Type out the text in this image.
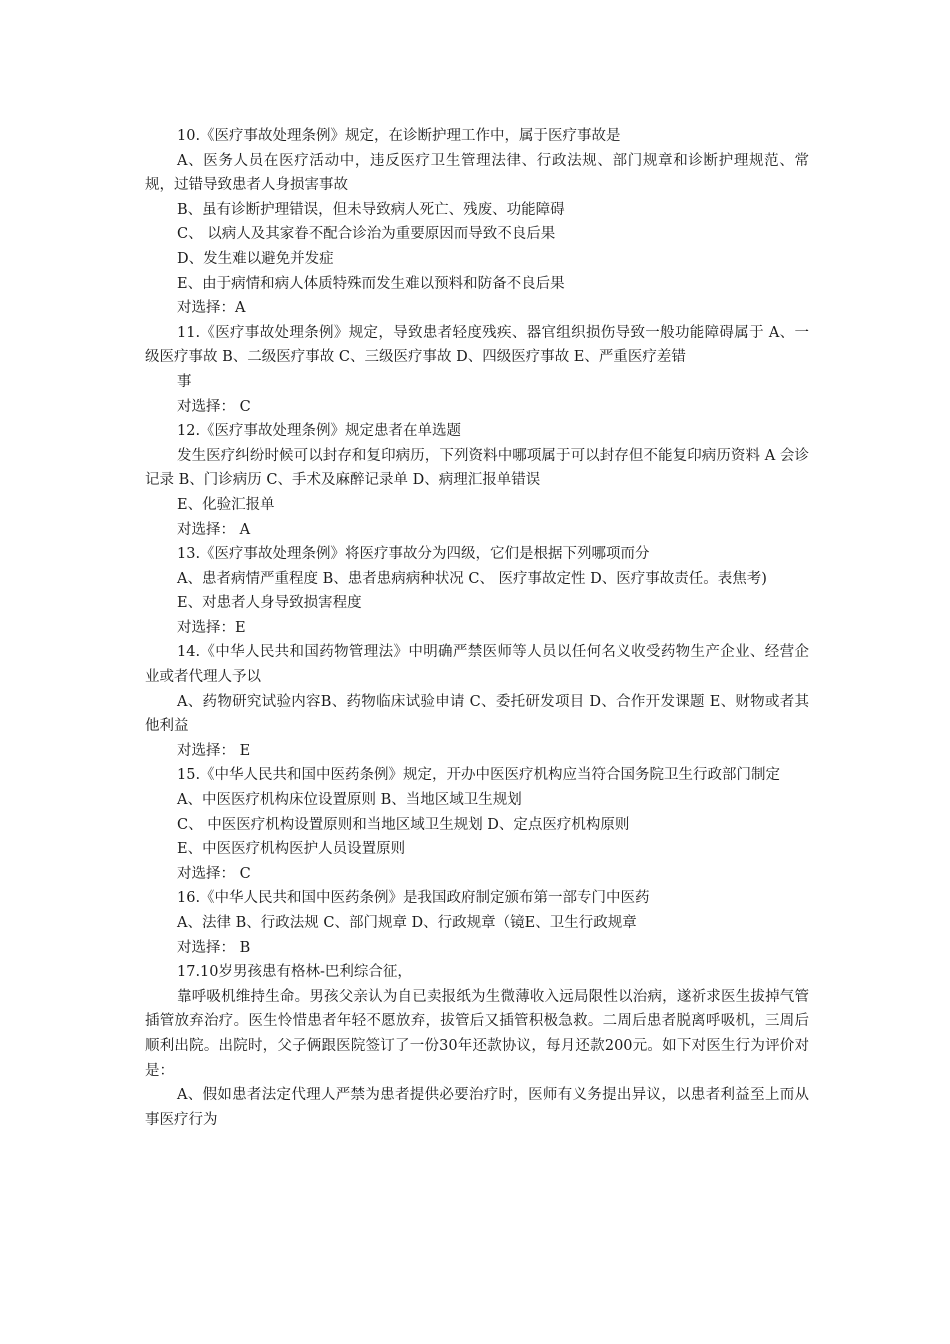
10.《医疗事故处理条例》规定，在诊断护理工作中，属于医疗事故是

A、医务人员在医疗活动中，违反医疗卫生管理法律、行政法规、部门规章和诊断护理规范、常规，过错导致患者人身损害事故

B、虽有诊断护理错误，但未导致病人死亡、残废、功能障碍

C、 以病人及其家眷不配合诊治为重要原因而导致不良后果

D、发生难以避免并发症

E、由于病情和病人体质特殊而发生难以预料和防备不良后果

对选择：A

11.《医疗事故处理条例》规定，导致患者轻度残疾、器官组织损伤导致一般功能障碍属于 A、一级医疗事故 B、二级医疗事故 C、三级医疗事故 D、四级医疗事故 E、严重医疗差错

事

对选择： C

12.《医疗事故处理条例》规定患者在单选题

发生医疗纠纷时候可以封存和复印病历，下列资料中哪项属于可以封存但不能复印病历资料 A 会诊记录 B、门诊病历 C、手术及麻醉记录单 D、病理汇报单错误

E、化验汇报单

对选择： A

13.《医疗事故处理条例》将医疗事故分为四级，它们是根据下列哪项而分

A、患者病情严重程度 B、患者患病病种状况 C、 医疗事故定性 D、医疗事故责任。表焦考)

E、对患者人身导致损害程度

对选择：E

14.《中华人民共和国药物管理法》中明确严禁医师等人员以任何名义收受药物生产企业、经营企业或者代理人予以

A、药物研究试验内容B、药物临床试验申请 C、委托研发项目 D、合作开发课题 E、财物或者其他利益

对选择： E

15.《中华人民共和国中医药条例》规定，开办中医医疗机构应当符合国务院卫生行政部门制定

A、中医医疗机构床位设置原则 B、当地区域卫生规划

C、 中医医疗机构设置原则和当地区域卫生规划 D、定点医疗机构原则

E、中医医疗机构医护人员设置原则

对选择： C

16.《中华人民共和国中医药条例》是我国政府制定颁布第一部专门中医药

A、法律 B、行政法规 C、部门规章 D、行政规章（镜E、卫生行政规章

对选择： B

17.10岁男孩患有格林-巴利综合征，

靠呼吸机维持生命。男孩父亲认为自已卖报纸为生微薄收入远局限性以治病，遂祈求医生拔掉气管插管放弃治疗。医生怜惜患者年轻不愿放弃，拔管后又插管积极急救。二周后患者脱离呼吸机，三周后顺利出院。出院时，父子俩跟医院签订了一份30年还款协议，每月还款200元。如下对医生行为评价对是：

A、假如患者法定代理人严禁为患者提供必要治疗时，医师有义务提出异议，以患者利益至上而从事医疗行为
